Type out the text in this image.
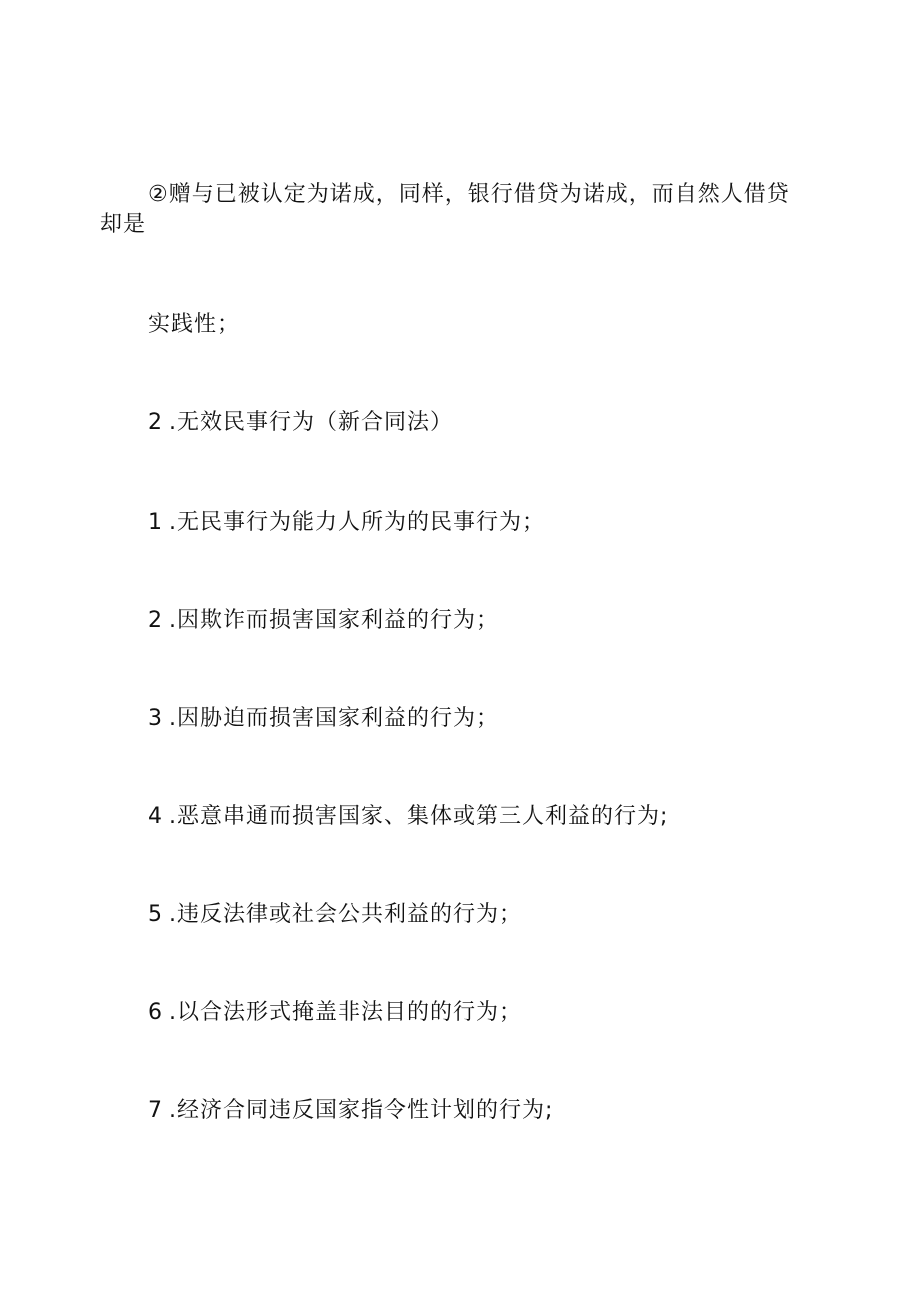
②赠与已被认定为诺成，同样，银行借贷为诺成，而自然人借贷
却是
实践性；
2 .无效民事行为（新合同法）
1 .无民事行为能力人所为的民事行为；
2 .因欺诈而损害国家利益的行为；
3 .因胁迫而损害国家利益的行为；
4 .恶意串通而损害国家、集体或第三人利益的行为;
5 .违反法律或社会公共利益的行为；
6 .以合法形式掩盖非法目的的行为；
7 .经济合同违反国家指令性计划的行为;
